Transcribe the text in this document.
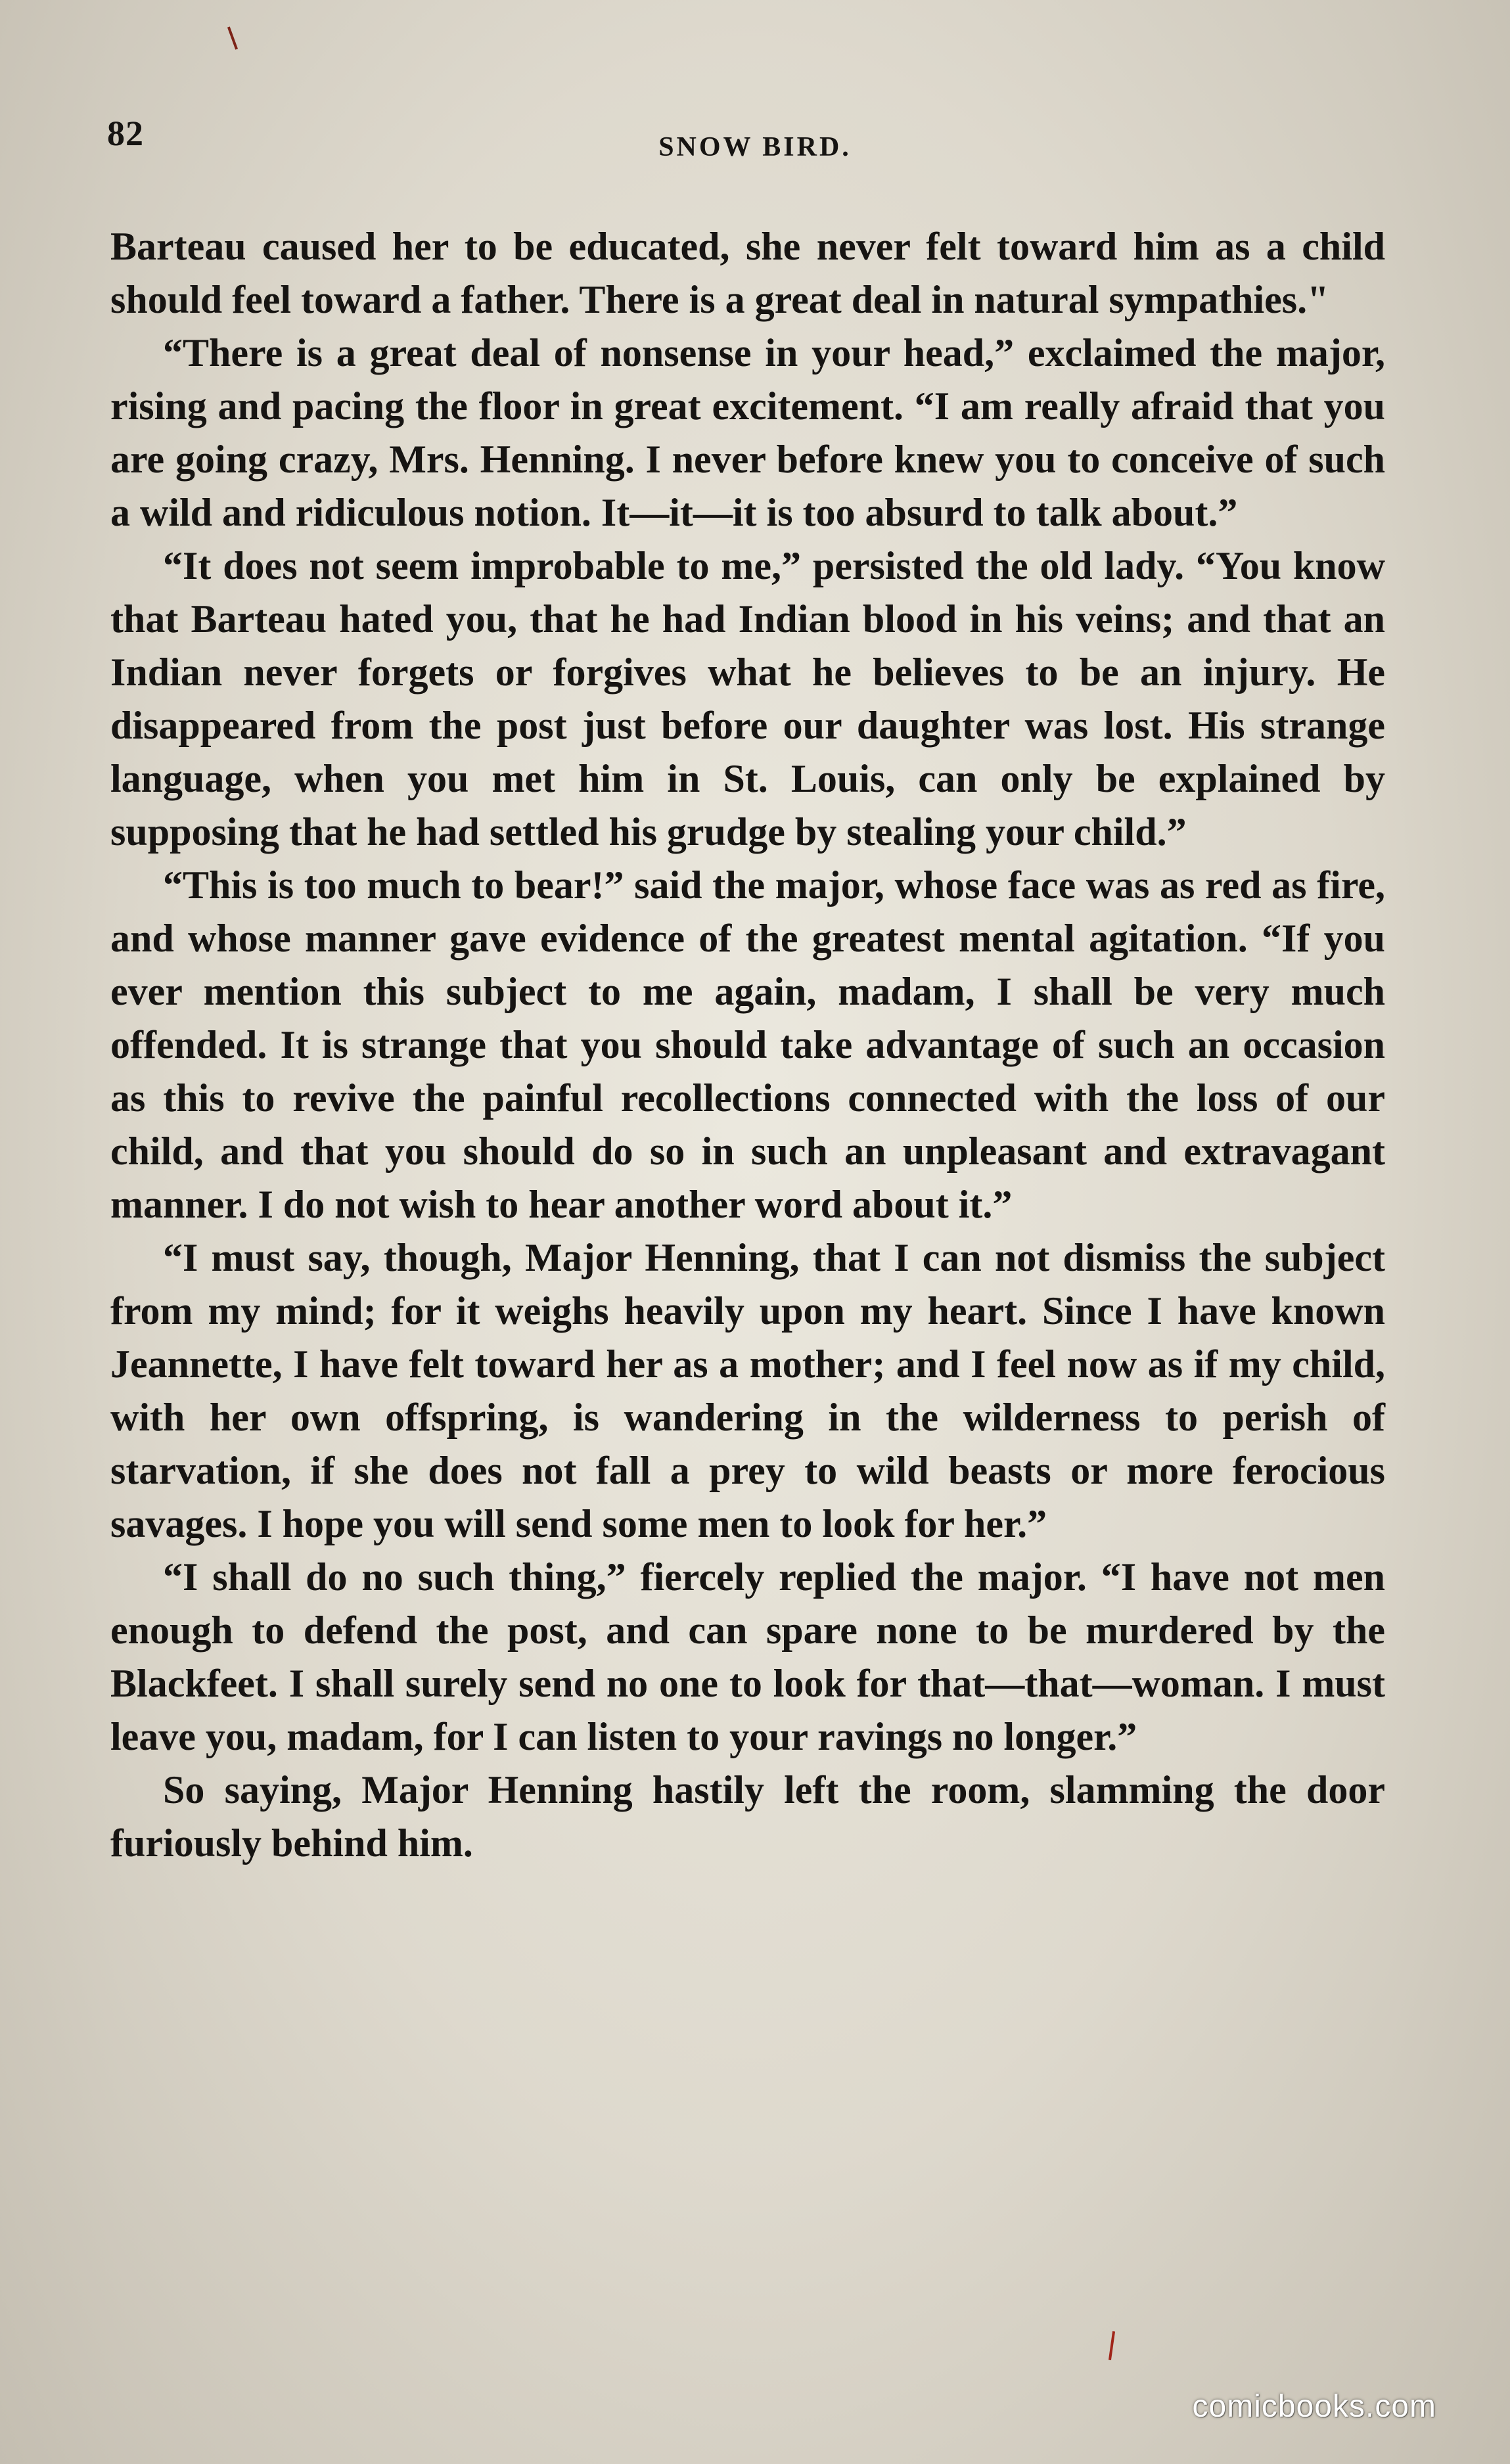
82	SNOW BIRD.

Barteau caused her to be educated, she never felt toward him as a child should feel toward a father. There is a great deal in natural sympathies."

“There is a great deal of nonsense in your head,” exclaimed the major, rising and pacing the floor in great excitement. “I am really afraid that you are going crazy, Mrs. Henning. I never before knew you to conceive of such a wild and ridiculous notion. It—it—it is too absurd to talk about.”

“It does not seem improbable to me,” persisted the old lady. “You know that Barteau hated you, that he had Indian blood in his veins; and that an Indian never forgets or forgives what he believes to be an injury. He disappeared from the post just before our daughter was lost. His strange language, when you met him in St. Louis, can only be explained by supposing that he had settled his grudge by stealing your child.”

“This is too much to bear!” said the major, whose face was as red as fire, and whose manner gave evidence of the greatest mental agitation. “If you ever mention this subject to me again, madam, I shall be very much offended. It is strange that you should take advantage of such an occasion as this to revive the painful recollections connected with the loss of our child, and that you should do so in such an unpleasant and extravagant manner. I do not wish to hear another word about it.”

“I must say, though, Major Henning, that I can not dismiss the subject from my mind; for it weighs heavily upon my heart. Since I have known Jeannette, I have felt toward her as a mother; and I feel now as if my child, with her own offspring, is wandering in the wilderness to perish of starvation, if she does not fall a prey to wild beasts or more ferocious savages. I hope you will send some men to look for her.”

“I shall do no such thing,” fiercely replied the major. “I have not men enough to defend the post, and can spare none to be murdered by the Blackfeet. I shall surely send no one to look for that—that—woman. I must leave you, madam, for I can listen to your ravings no longer.”

So saying, Major Henning hastily left the room, slamming the door furiously behind him.

comicbooks.com
